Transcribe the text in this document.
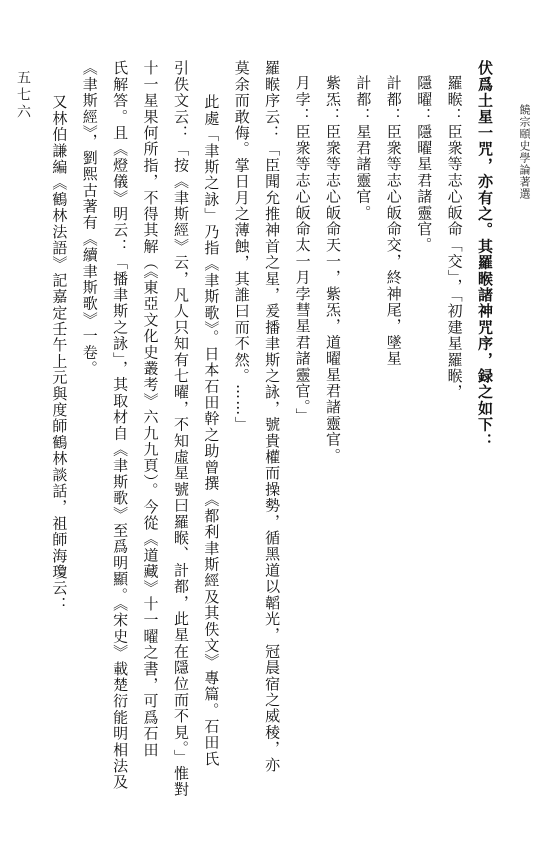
饒宗頤史學論著選
五七六	伏爲土星一咒，亦有之。其羅睺諸神咒序，録之如下：

羅睺：臣衆等志心皈命「交」，「初建星羅睺，

隱曜：隱曜星君諸靈官。

計都：臣衆等志心皈命交，終神尾，墜星

計都：星君諸靈官。

紫炁：臣衆等志心皈命天一，紫炁，道曜星君諸靈官。

月孛：臣衆等志心皈命太一月孛彗星君諸靈官。」

羅睺序云：「臣聞允推神首之星，爰播聿斯之詠，號貴權而操勢，循黑道以韜光，冠晨宿之威稜，亦

莫余而敢侮。掌日月之薄蝕，其誰曰而不然。……」

此處「聿斯之詠」乃指《聿斯歌》。日本石田幹之助曾撰《都利聿斯經及其佚文》專篇。石田氏

引佚文云：「按《聿斯經》云，凡人只知有七曜，不知虛星號曰羅睺、計都，此星在隱位而不見。」惟對

十一星果何所指，不得其解（《東亞文化史叢考》六九九頁）。今從《道藏》十一曜之書，可爲石田

氏解答。且《燈儀》明云：「播聿斯之詠」，其取材自《聿斯歌》至爲明顯。《宋史》載楚衍能明相法及

《聿斯經》，劉熙古著有《續聿斯歌》一卷。

又林伯謙編《鶴林法語》記嘉定壬午上元與度師鶴林談話，祖師海瓊云：
